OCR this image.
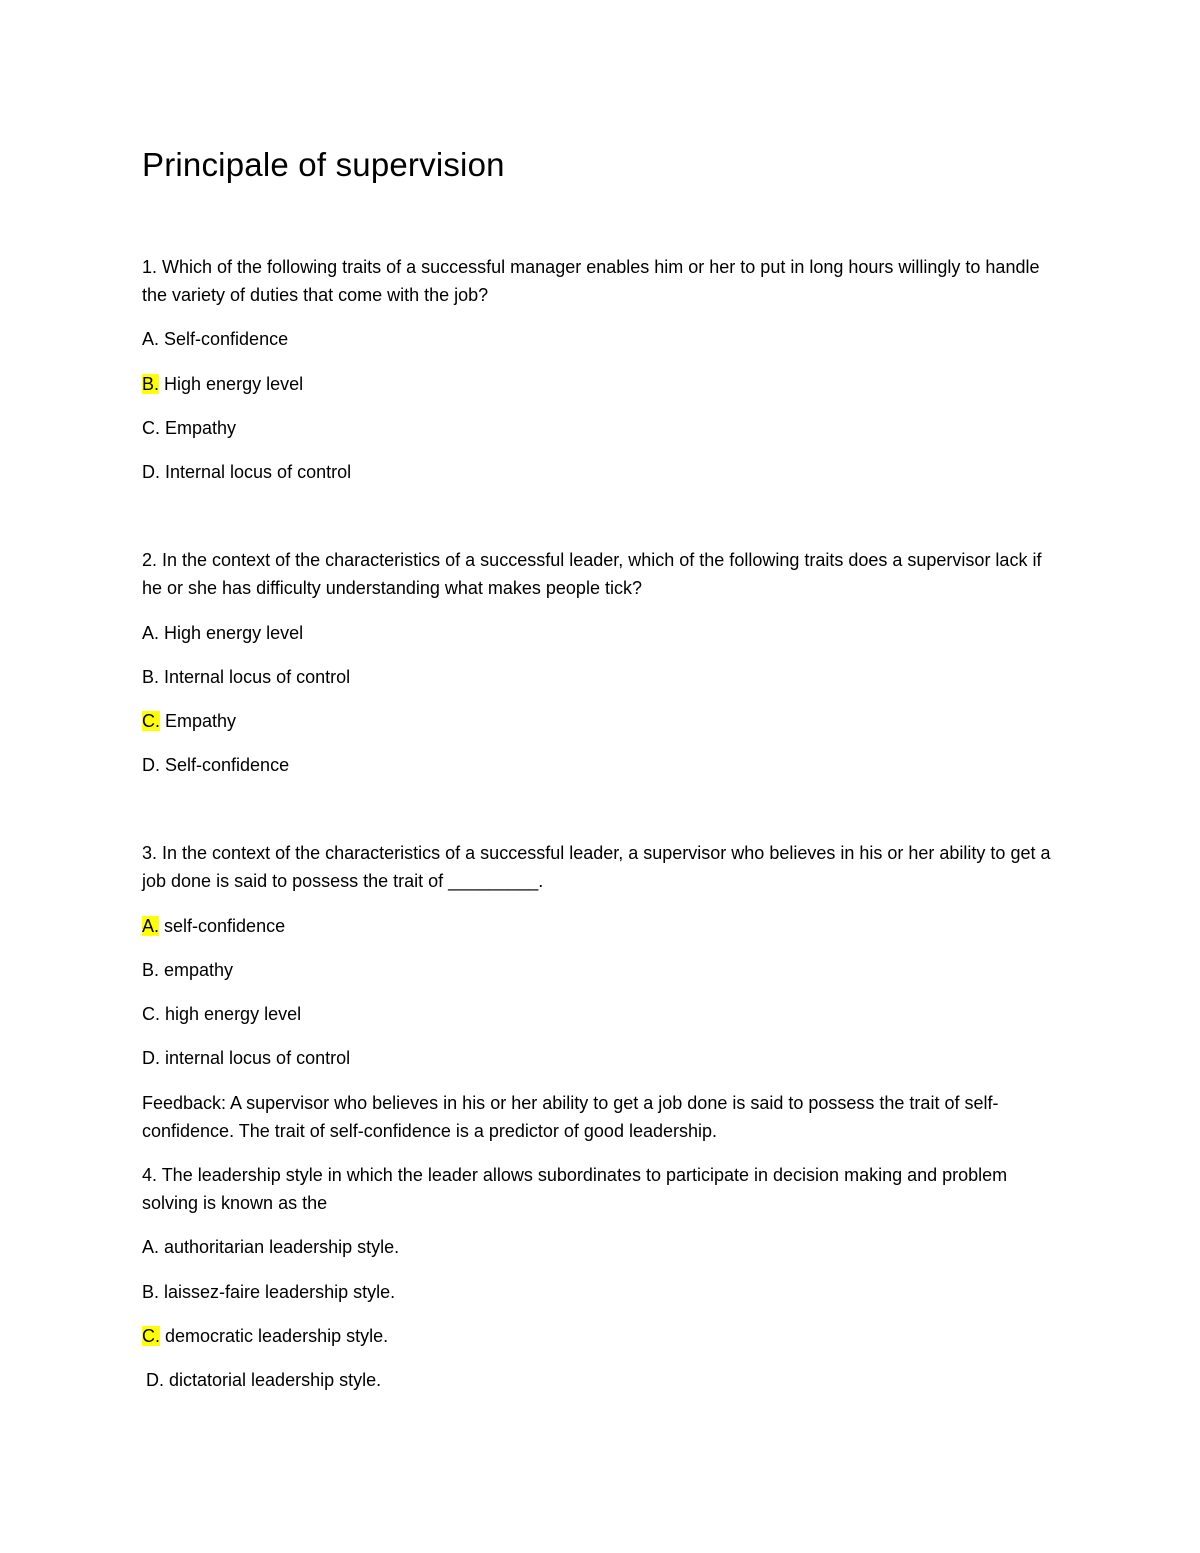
Principale of supervision

1. Which of the following traits of a successful manager enables him or her to put in long hours willingly to handle the variety of duties that come with the job?

A. Self-confidence

B. High energy level

C. Empathy

D. Internal locus of control

2. In the context of the characteristics of a successful leader, which of the following traits does a supervisor lack if he or she has difficulty understanding what makes people tick?

A. High energy level

B. Internal locus of control

C. Empathy

D. Self-confidence

3. In the context of the characteristics of a successful leader, a supervisor who believes in his or her ability to get a job done is said to possess the trait of _________.

A. self-confidence

B. empathy

C. high energy level

D. internal locus of control

Feedback: A supervisor who believes in his or her ability to get a job done is said to possess the trait of self-confidence. The trait of self-confidence is a predictor of good leadership.

4. The leadership style in which the leader allows subordinates to participate in decision making and problem solving is known as the

A. authoritarian leadership style.

B. laissez-faire leadership style.

C. democratic leadership style.

D. dictatorial leadership style.
